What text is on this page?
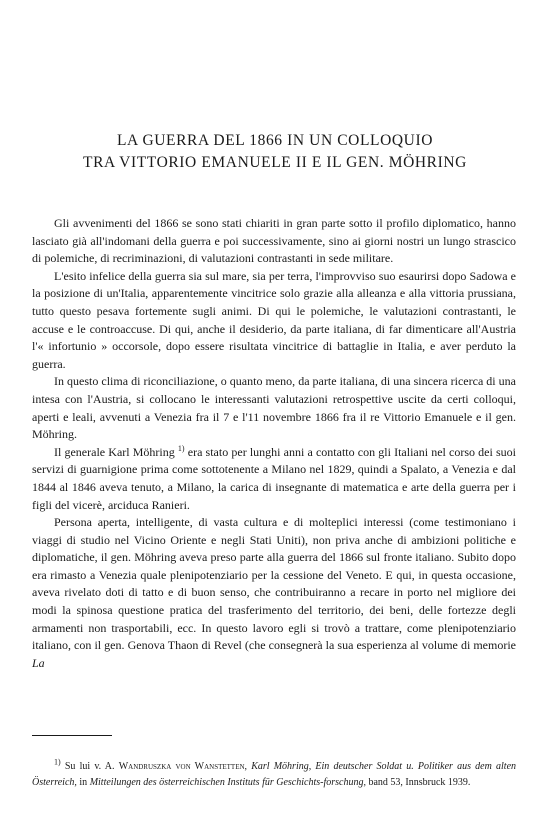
LA GUERRA DEL 1866 IN UN COLLOQUIO
TRA VITTORIO EMANUELE II E IL GEN. MÖHRING

Gli avvenimenti del 1866 se sono stati chiariti in gran parte sotto il profilo diplomatico, hanno lasciato già all'indomani della guerra e poi successivamente, sino ai giorni nostri un lungo strascico di polemiche, di recriminazioni, di valutazioni contrastanti in sede militare.

L'esito infelice della guerra sia sul mare, sia per terra, l'improvviso suo esaurirsi dopo Sadowa e la posizione di un'Italia, apparentemente vincitrice solo grazie alla alleanza e alla vittoria prussiana, tutto questo pesava fortemente sugli animi. Di qui le polemiche, le valutazioni contrastanti, le accuse e le controaccuse. Di qui, anche il desiderio, da parte italiana, di far dimenticare all'Austria l'« infortunio » occorsole, dopo essere risultata vincitrice di battaglie in Italia, e aver perduto la guerra.

In questo clima di riconciliazione, o quanto meno, da parte italiana, di una sincera ricerca di una intesa con l'Austria, si collocano le interessanti valutazioni retrospettive uscite da certi colloqui, aperti e leali, avvenuti a Venezia fra il 7 e l'11 novembre 1866 fra il re Vittorio Emanuele e il gen. Möhring.

Il generale Karl Möhring $^{1)}$ era stato per lunghi anni a contatto con gli Italiani nel corso dei suoi servizi di guarnigione prima come sottotenente a Milano nel 1829, quindi a Spalato, a Venezia e dal 1844 al 1846 aveva tenuto, a Milano, la carica di insegnante di matematica e arte della guerra per i figli del vicerè, arciduca Ranieri.

Persona aperta, intelligente, di vasta cultura e di molteplici interessi (come testimoniano i viaggi di studio nel Vicino Oriente e negli Stati Uniti), non priva anche di ambizioni politiche e diplomatiche, il gen. Möhring aveva preso parte alla guerra del 1866 sul fronte italiano. Subito dopo era rimasto a Venezia quale plenipotenziario per la cessione del Veneto. E qui, in questa occasione, aveva rivelato doti di tatto e di buon senso, che contribuiranno a recare in porto nel migliore dei modi la spinosa questione pratica del trasferimento del territorio, dei beni, delle fortezze degli armamenti non trasportabili, ecc. In questo lavoro egli si trovò a trattare, come plenipotenziario italiano, con il gen. Genova Thaon di Revel (che consegnerà la sua esperienza al volume di memorie La

$^{1)}$ Su lui v. A. Wandruszka von Wanstetten, Karl Möhring, Ein deutscher Soldat u. Politiker aus dem alten Österreich, in Mitteilungen des österreichischen Instituts für Geschichts-forschung, band 53, Innsbruck 1939.
